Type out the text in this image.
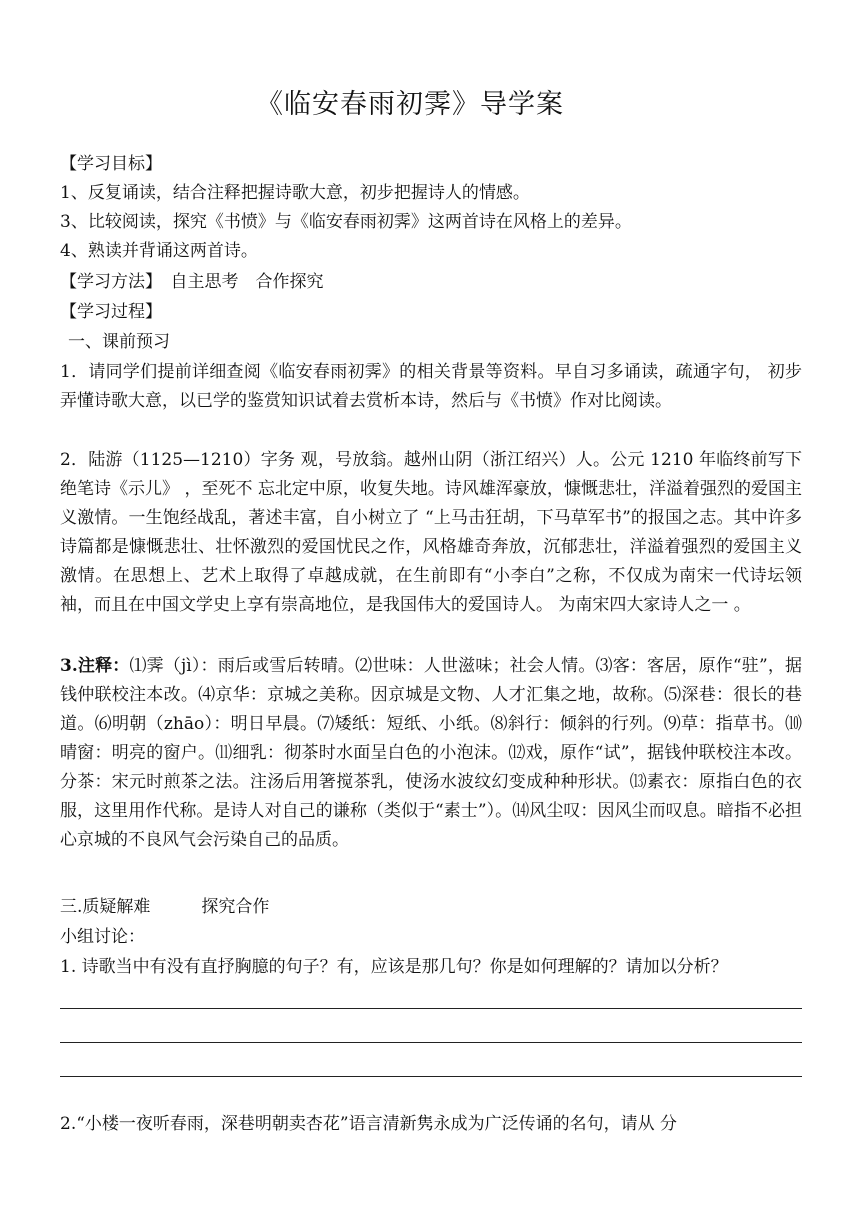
《临安春雨初霁》导学案
【学习目标】
1、反复诵读，结合注释把握诗歌大意，初步把握诗人的情感。
3、比较阅读，探究《书愤》与《临安春雨初霁》这两首诗在风格上的差异。
4、熟读并背诵这两首诗。
【学习方法】　自主思考　合作探究
【学习过程】
一、课前预习
1．请同学们提前详细查阅《临安春雨初霁》的相关背景等资料。早自习多诵读，疏通字句， 初步弄懂诗歌大意，以已学的鉴赏知识试着去赏析本诗，然后与《书愤》作对比阅读。
2．陆游（1125—1210）字务 观，号放翁。越州山阴（浙江绍兴）人。公元 1210 年临终前写下绝笔诗《示儿》 ，至死不 忘北定中原，收复失地。诗风雄浑豪放，慷慨悲壮，洋溢着强烈的爱国主义激情。一生饱经战乱，著述丰富，自小树立了 “上马击狂胡，下马草军书”的报国之志。其中许多诗篇都是慷慨悲壮、壮怀激烈的爱国忧民之作，风格雄奇奔放，沉郁悲壮，洋溢着强烈的爱国主义激情。在思想上、艺术上取得了卓越成就，在生前即有“小李白”之称，不仅成为南宋一代诗坛领袖，而且在中国文学史上享有崇高地位，是我国伟大的爱国诗人。 为南宋四大家诗人之一 。
3.注释：⑴霁（jì）：雨后或雪后转晴。⑵世味：人世滋味；社会人情。⑶客：客居，原作“驻”，据钱仲联校注本改。⑷京华：京城之美称。因京城是文物、人才汇集之地，故称。⑸深巷：很长的巷道。⑹明朝（zhāo）：明日早晨。⑺矮纸：短纸、小纸。⑻斜行：倾斜的行列。⑼草：指草书。⑽晴窗：明亮的窗户。⑾细乳：彻茶时水面呈白色的小泡沫。⑿戏，原作“试”，据钱仲联校注本改。分茶：宋元时煎茶之法。注汤后用箸搅茶乳，使汤水波纹幻变成种种形状。⒀素衣：原指白色的衣服，这里用作代称。是诗人对自己的谦称（类似于“素士”）。⒁风尘叹：因风尘而叹息。暗指不必担心京城的不良风气会污染自己的品质。
三.质疑解难　　　探究合作
小组讨论：
1. 诗歌当中有没有直抒胸臆的句子？有，应该是那几句？你是如何理解的？请加以分析？
2.“小楼一夜听春雨，深巷明朝卖杏花”语言清新隽永成为广泛传诵的名句，请从 分
